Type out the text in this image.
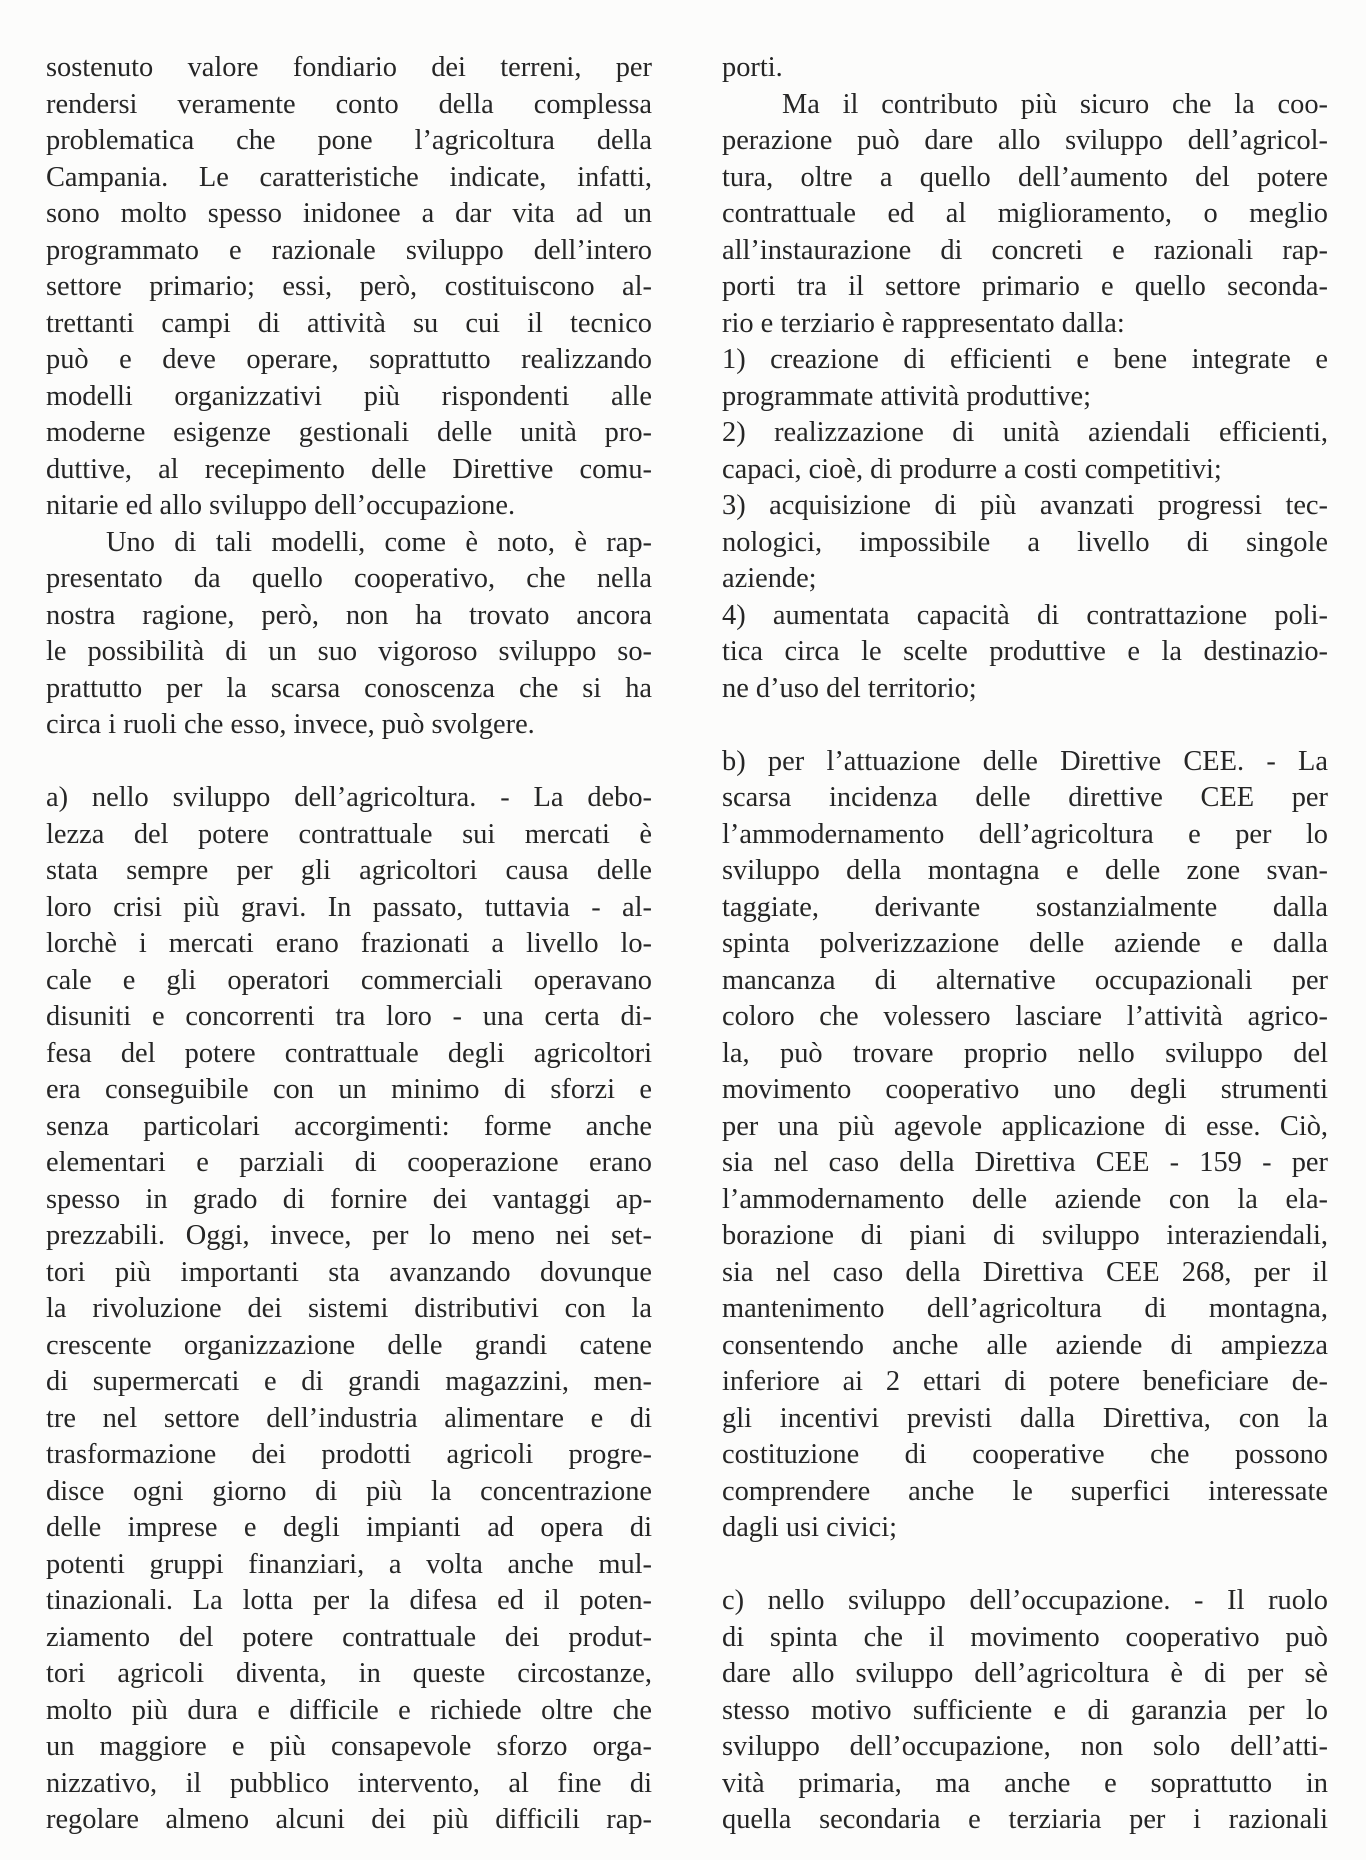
sostenuto valore fondiario dei terreni, per
rendersi veramente conto della complessa
problematica che pone l’agricoltura della
Campania. Le caratteristiche indicate, infatti,
sono molto spesso inidonee a dar vita ad un
programmato e razionale sviluppo dell’intero
settore primario; essi, però, costituiscono al-
trettanti campi di attività su cui il tecnico
può e deve operare, soprattutto realizzando
modelli organizzativi più rispondenti alle
moderne esigenze gestionali delle unità pro-
duttive, al recepimento delle Direttive comu-
nitarie ed allo sviluppo dell’occupazione.
Uno di tali modelli, come è noto, è rap-
presentato da quello cooperativo, che nella
nostra ragione, però, non ha trovato ancora
le possibilità di un suo vigoroso sviluppo so-
prattutto per la scarsa conoscenza che si ha
circa i ruoli che esso, invece, può svolgere.
a) nello sviluppo dell’agricoltura. - La debo-
lezza del potere contrattuale sui mercati è
stata sempre per gli agricoltori causa delle
loro crisi più gravi. In passato, tuttavia - al-
lorchè i mercati erano frazionati a livello lo-
cale e gli operatori commerciali operavano
disuniti e concorrenti tra loro - una certa di-
fesa del potere contrattuale degli agricoltori
era conseguibile con un minimo di sforzi e
senza particolari accorgimenti: forme anche
elementari e parziali di cooperazione erano
spesso in grado di fornire dei vantaggi ap-
prezzabili. Oggi, invece, per lo meno nei set-
tori più importanti sta avanzando dovunque
la rivoluzione dei sistemi distributivi con la
crescente organizzazione delle grandi catene
di supermercati e di grandi magazzini, men-
tre nel settore dell’industria alimentare e di
trasformazione dei prodotti agricoli progre-
disce ogni giorno di più la concentrazione
delle imprese e degli impianti ad opera di
potenti gruppi finanziari, a volta anche mul-
tinazionali. La lotta per la difesa ed il poten-
ziamento del potere contrattuale dei produt-
tori agricoli diventa, in queste circostanze,
molto più dura e difficile e richiede oltre che
un maggiore e più consapevole sforzo orga-
nizzativo, il pubblico intervento, al fine di
regolare almeno alcuni dei più difficili rap-
porti.
Ma il contributo più sicuro che la coo-
perazione può dare allo sviluppo dell’agricol-
tura, oltre a quello dell’aumento del potere
contrattuale ed al miglioramento, o meglio
all’instaurazione di concreti e razionali rap-
porti tra il settore primario e quello seconda-
rio e terziario è rappresentato dalla:
1) creazione di efficienti e bene integrate e
programmate attività produttive;
2) realizzazione di unità aziendali efficienti,
capaci, cioè, di produrre a costi competitivi;
3) acquisizione di più avanzati progressi tec-
nologici, impossibile a livello di singole
aziende;
4) aumentata capacità di contrattazione poli-
tica circa le scelte produttive e la destinazio-
ne d’uso del territorio;
b) per l’attuazione delle Direttive CEE. - La
scarsa incidenza delle direttive CEE per
l’ammodernamento dell’agricoltura e per lo
sviluppo della montagna e delle zone svan-
taggiate, derivante sostanzialmente dalla
spinta polverizzazione delle aziende e dalla
mancanza di alternative occupazionali per
coloro che volessero lasciare l’attività agrico-
la, può trovare proprio nello sviluppo del
movimento cooperativo uno degli strumenti
per una più agevole applicazione di esse. Ciò,
sia nel caso della Direttiva CEE - 159 - per
l’ammodernamento delle aziende con la ela-
borazione di piani di sviluppo interaziendali,
sia nel caso della Direttiva CEE 268, per il
mantenimento dell’agricoltura di montagna,
consentendo anche alle aziende di ampiezza
inferiore ai 2 ettari di potere beneficiare de-
gli incentivi previsti dalla Direttiva, con la
costituzione di cooperative che possono
comprendere anche le superfici interessate
dagli usi civici;
c) nello sviluppo dell’occupazione. - Il ruolo
di spinta che il movimento cooperativo può
dare allo sviluppo dell’agricoltura è di per sè
stesso motivo sufficiente e di garanzia per lo
sviluppo dell’occupazione, non solo dell’atti-
vità primaria, ma anche e soprattutto in
quella secondaria e terziaria per i razionali
